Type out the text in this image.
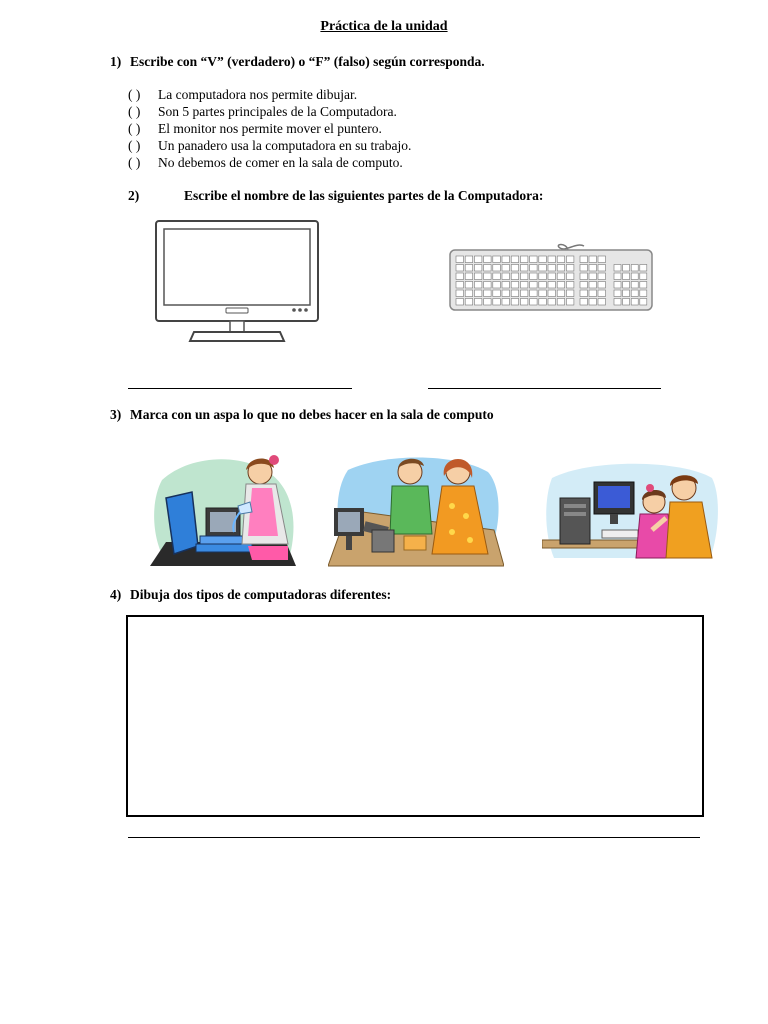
Práctica de la unidad
1) Escribe con “V” (verdadero) o “F” (falso) según corresponda.
( ) La computadora nos permite dibujar.
( ) Son 5 partes principales de la Computadora.
( ) El monitor nos permite mover el puntero.
( ) Un panadero usa la computadora en su trabajo.
( ) No debemos de comer en la sala de computo.
2)	Escribe el nombre de las siguientes partes de la Computadora:
3) Marca con un aspa lo que no debes hacer en la sala de computo
4) Dibuja dos tipos de computadoras diferentes:
